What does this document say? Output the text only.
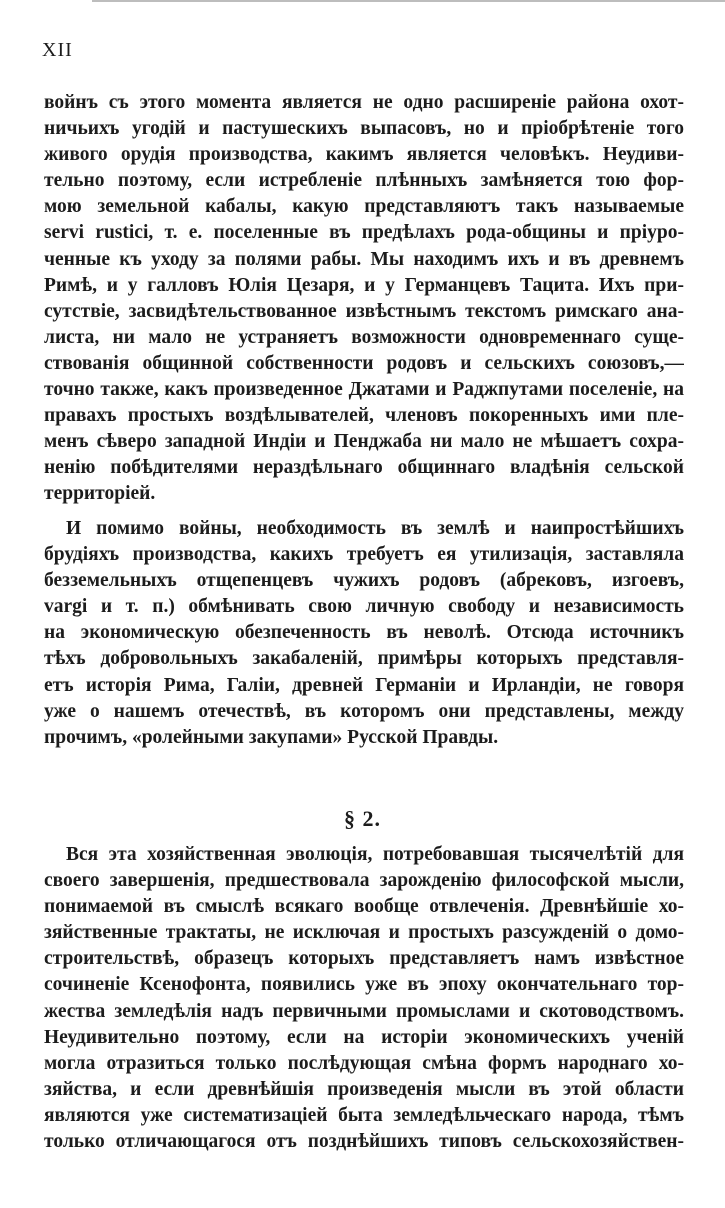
XII
войнъ съ этого момента является не одно расширеніе района охот-
ничьихъ угодій и пастушескихъ выпасовъ, но и пріобрѣтеніе того
живого орудія производства, какимъ является человѣкъ. Неудиви-
тельно поэтому, если истребленіе плѣнныхъ замѣняется тою фор-
мою земельной кабалы, какую представляютъ такъ называемые
servi rustici, т. е. поселенные въ предѣлахъ рода-общины и пріуро-
ченные къ уходу за полями рабы. Мы находимъ ихъ и въ древнемъ
Римѣ, и у галловъ Юлія Цезаря, и у Германцевъ Тацита. Ихъ при-
сутствіе, засвидѣтельствованное извѣстнымъ текстомъ римскаго ана-
листа, ни мало не устраняетъ возможности одновременнаго суще-
ствованія общинной собственности родовъ и сельскихъ союзовъ,—
точно также, какъ произведенное Джатами и Раджпутами поселеніе, на
правахъ простыхъ воздѣлывателей, членовъ покоренныхъ ими пле-
менъ сѣверо западной Индіи и Пенджаба ни мало не мѣшаетъ сохра-
ненію побѣдителями нераздѣльнаго общиннаго владѣнія сельской
территоріей.
И помимо войны, необходимость въ землѣ и наипростѣйшихъ
брудіяхъ производства, какихъ требуетъ ея утилизація, заставляла
безземельныхъ отщепенцевъ чужихъ родовъ (абрековъ, изгоевъ,
vargi и т. п.) обмѣнивать свою личную свободу и независимость
на экономическую обезпеченность въ неволѣ. Отсюда источникъ
тѣхъ добровольныхъ закабаленій, примѣры которыхъ представля-
етъ исторія Рима, Галіи, древней Германіи и Ирландіи, не говоря
уже о нашемъ отечествѣ, въ которомъ они представлены, между
прочимъ, «ролейными закупами» Русской Правды.
§ 2.
Вся эта хозяйственная эволюція, потребовавшая тысячелѣтій для
своего завершенія, предшествовала зарожденію философской мысли,
понимаемой въ смыслѣ всякаго вообще отвлеченія. Древнѣйшіе хо-
зяйственные трактаты, не исключая и простыхъ разсужденій о домо-
строительствѣ, образецъ которыхъ представляетъ намъ извѣстное
сочиненіе Ксенофонта, появились уже въ эпоху окончательнаго тор-
жества земледѣлія надъ первичными промыслами и скотоводствомъ.
Неудивительно поэтому, если на исторіи экономическихъ ученій
могла отразиться только послѣдующая смѣна формъ народнаго хо-
зяйства, и если древнѣйшія произведенія мысли въ этой области
являются уже систематизаціей быта земледѣльческаго народа, тѣмъ
только отличающагося отъ позднѣйшихъ типовъ сельскохозяйствен-
